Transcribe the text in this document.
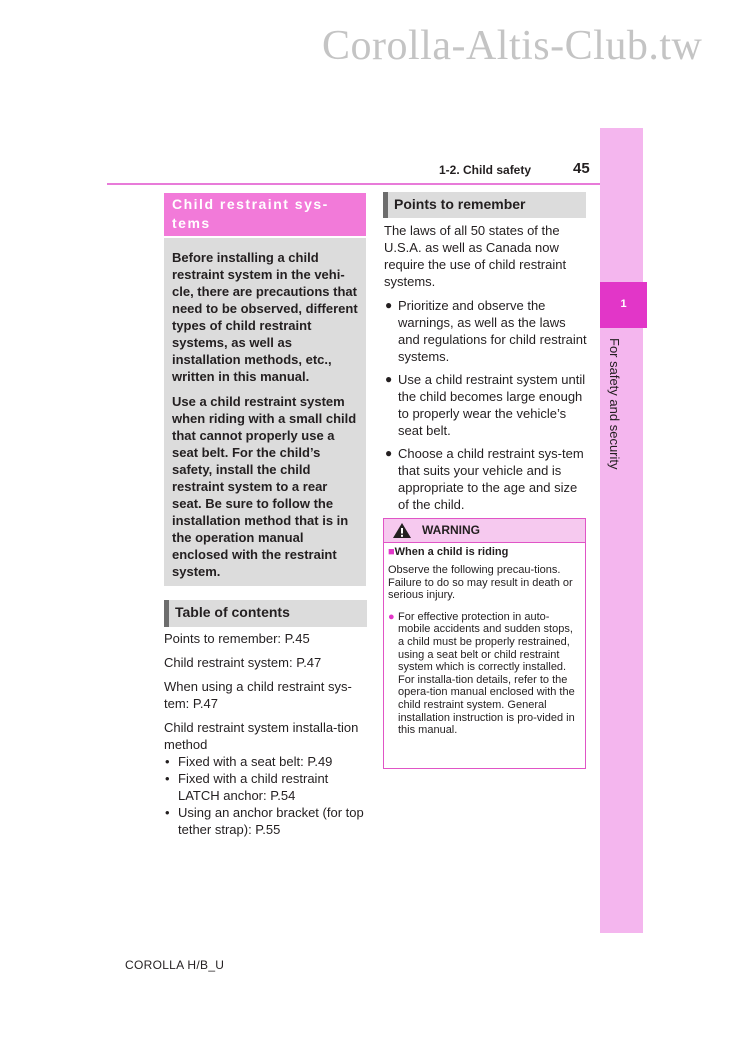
Corolla-Altis-Club.tw
1
For safety and security
1-2. Child safety	45
Child restraint sys-tems

Before installing a child restraint system in the vehi-cle, there are precautions that need to be observed, different types of child restraint systems, as well as installation methods, etc., written in this manual.

Use a child restraint system when riding with a small child that cannot properly use a seat belt. For the child’s safety, install the child restraint system to a rear seat. Be sure to follow the installation method that is in the operation manual enclosed with the restraint system.

Table of contents

Points to remember: P.45

Child restraint system: P.47

When using a child restraint sys-tem: P.47

Child restraint system installa-tion method

• Fixed with a seat belt: P.49
• Fixed with a child restraint LATCH anchor: P.54
• Using an anchor bracket (for top tether strap): P.55
Points to remember

The laws of all 50 states of the U.S.A. as well as Canada now require the use of child restraint systems.

● Prioritize and observe the warnings, as well as the laws and regulations for child restraint systems.
● Use a child restraint system until the child becomes large enough to properly wear the vehicle’s seat belt.
● Choose a child restraint sys-tem that suits your vehicle and is appropriate to the age and size of the child.
WARNING
■When a child is riding

Observe the following precau-tions.

Failure to do so may result in death or serious injury.

● For effective protection in auto-mobile accidents and sudden stops, a child must be properly restrained, using a seat belt or child restraint system which is correctly installed. For installa-tion details, refer to the opera-tion manual enclosed with the child restraint system. General installation instruction is pro-vided in this manual.
COROLLA H/B_U
